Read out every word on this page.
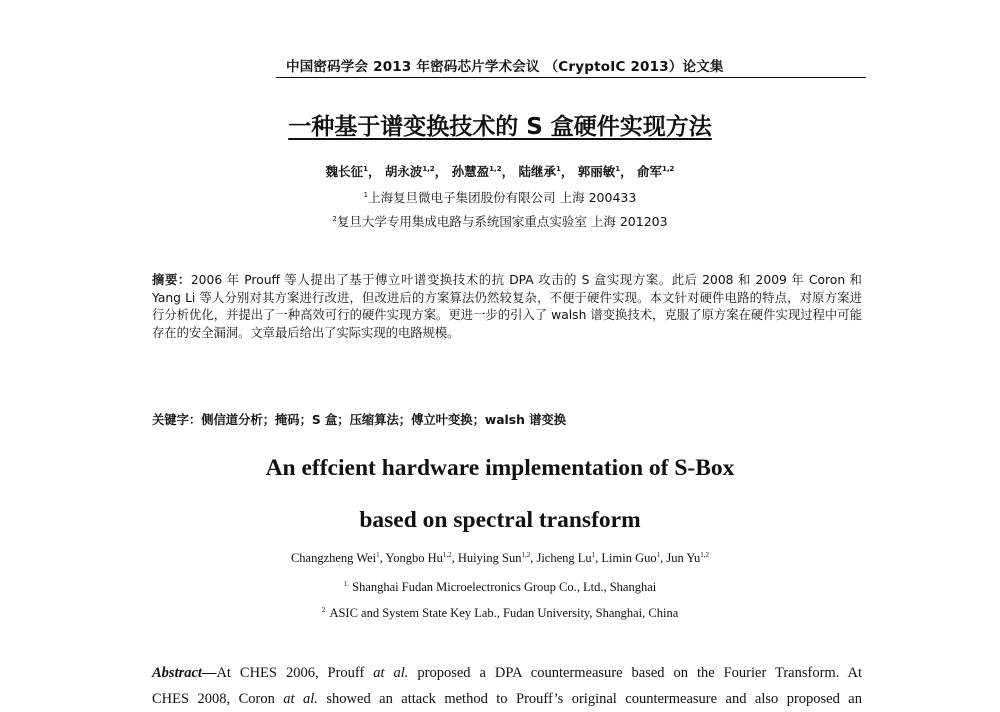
中国密码学会 2013 年密码芯片学术会议 （CryptoIC 2013）论文集
一种基于谱变换技术的 S 盒硬件实现方法
魏长征$^1$， 胡永波$^{1,2}$， 孙慧盈$^{1,2}$， 陆继承$^1$， 郭丽敏$^1$， 俞军$^{1,2}$
$^1$上海复旦微电子集团股份有限公司 上海 200433
$^2$复旦大学专用集成电路与系统国家重点实验室 上海 201203

摘要：2006 年 Prouff 等人提出了基于傅立叶谱变换技术的抗 DPA 攻击的 S 盒实现方案。此后 2008 和 2009 年 Coron 和 Yang Li 等人分别对其方案进行改进，但改进后的方案算法仍然较复杂，不便于硬件实现。本文针对硬件电路的特点，对原方案进行分析优化，并提出了一种高效可行的硬件实现方案。更进一步的引入了 walsh 谱变换技术，克服了原方案在硬件实现过程中可能存在的安全漏洞。文章最后给出了实际实现的电路规模。

关键字：侧信道分析；掩码；S 盒；压缩算法；傅立叶变换；walsh 谱变换
An effcient hardware implementation of S-Box
based on spectral transform
Changzheng Wei$^1$, Yongbo Hu$^{1,2}$, Huiying Sun$^{1,2}$, Jicheng Lu$^1$, Limin Guo$^1$, Jun Yu$^{1,2}$
$^{1.}$ Shanghai Fudan Microelectronics Group Co., Ltd., Shanghai
$^{2.}$ ASIC and System State Key Lab., Fudan University, Shanghai, China

Abstract—At CHES 2006, Prouff at al. proposed a DPA countermeasure based on the Fourier Transform. At
CHES 2008, Coron at al. showed an attack method to Prouff’s original countermeasure and also proposed an
